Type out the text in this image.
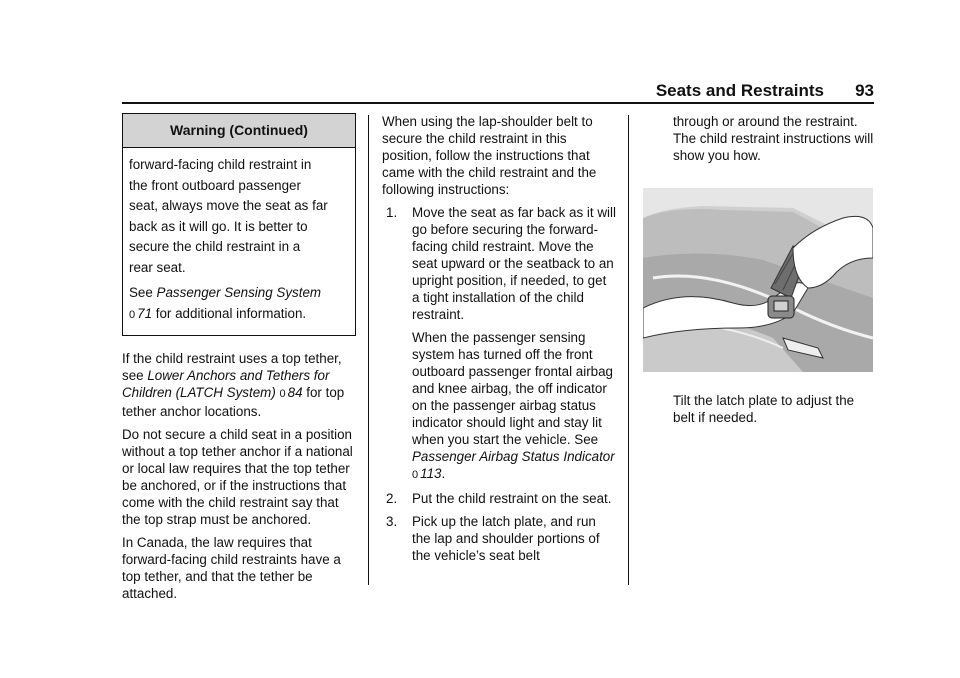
Seats and Restraints 93
Warning (Continued)

forward-facing child restraint in
the front outboard passenger
seat, always move the seat as far
back as it will go. It is better to
secure the child restraint in a
rear seat.

See Passenger Sensing System
0 71 for additional information.

If the child restraint uses a top tether, see Lower Anchors and Tethers for Children (LATCH System) 0 84 for top tether anchor locations.

Do not secure a child seat in a position without a top tether anchor if a national or local law requires that the top tether be anchored, or if the instructions that come with the child restraint say that the top strap must be anchored.

In Canada, the law requires that forward-facing child restraints have a top tether, and that the tether be attached.

When using the lap-shoulder belt to secure the child restraint in this position, follow the instructions that came with the child restraint and the following instructions:

1. Move the seat as far back as it will go before securing the forward-facing child restraint. Move the seat upward or the seatback to an upright position, if needed, to get a tight installation of the child restraint.
When the passenger sensing system has turned off the front outboard passenger frontal airbag and knee airbag, the off indicator on the passenger airbag status indicator should light and stay lit when you start the vehicle. See Passenger Airbag Status Indicator 0 113.
2. Put the child restraint on the seat.
3. Pick up the latch plate, and run the lap and shoulder portions of the vehicle’s seat belt

through or around the restraint. The child restraint instructions will show you how.

Tilt the latch plate to adjust the belt if needed.
